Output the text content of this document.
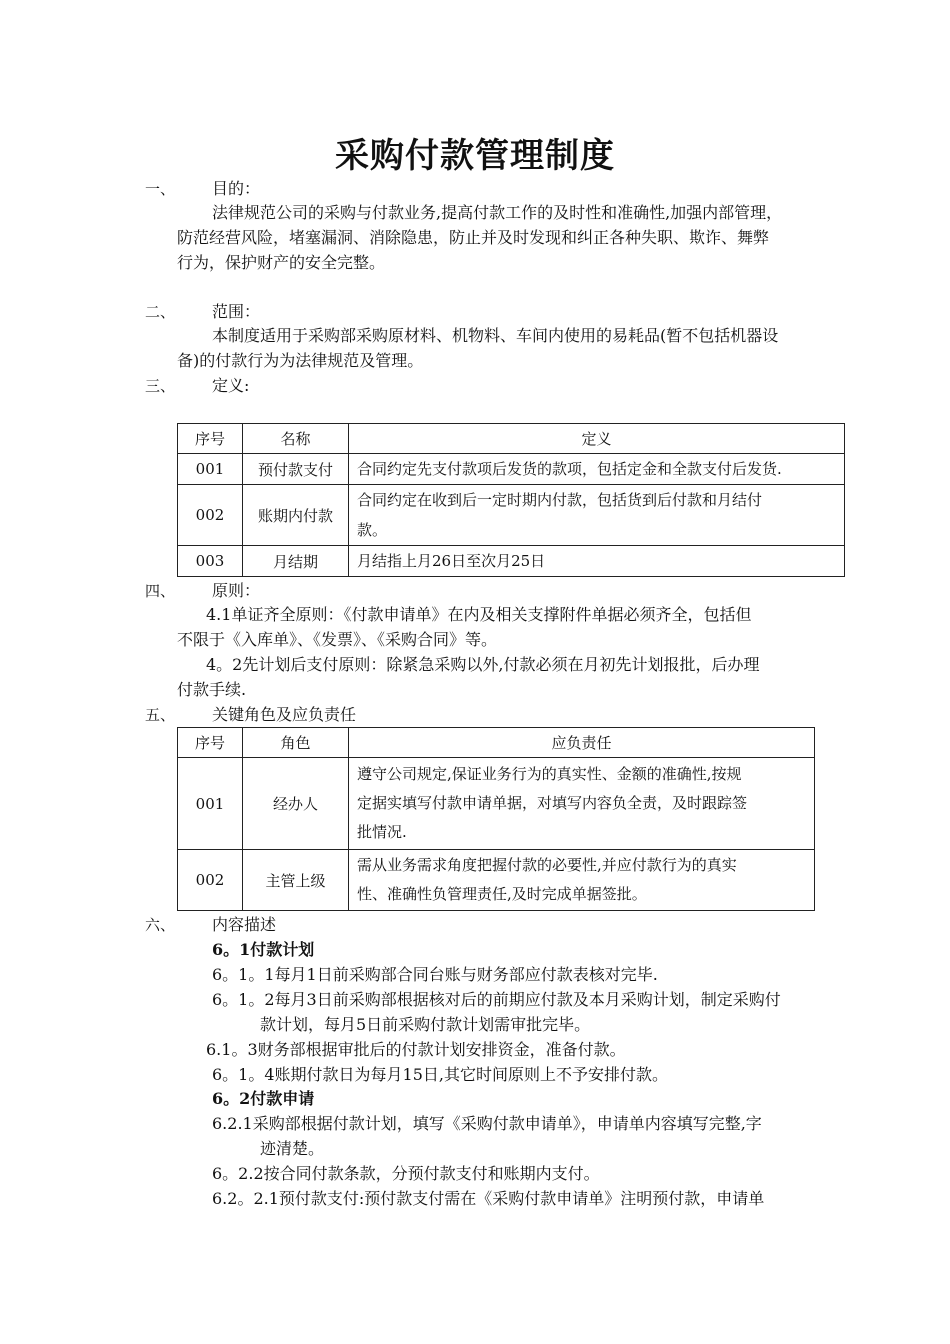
采购付款管理制度
一、 目的：
法律规范公司的采购与付款业务,提高付款工作的及时性和准确性,加强内部管理，
防范经营风险，堵塞漏洞、消除隐患，防止并及时发现和纠正各种失职、欺诈、舞弊
行为，保护财产的安全完整。
二、 范围：
本制度适用于采购部采购原材料、机物料、车间内使用的易耗品(暂不包括机器设
备)的付款行为为法律规范及管理。
三、 定义:
序号	名称	定义
001	预付款支付	合同约定先支付款项后发货的款项，包括定金和全款支付后发货.
002	账期内付款	合同约定在收到后一定时期内付款，包括货到后付款和月结付
款。

003	月结期	月结指上月26日至次月25日
四、 原则：
4.1单证齐全原则：《付款申请单》在内及相关支撑附件单据必须齐全，包括但
不限于《入库单》、《发票》、《采购合同》等。
4。2先计划后支付原则：除紧急采购以外,付款必须在月初先计划报批，后办理
付款手续.
五、 关键角色及应负责任
序号	角色	应负责任
001	经办人	遵守公司规定,保证业务行为的真实性、金额的准确性,按规
定据实填写付款申请单据，对填写内容负全责，及时跟踪签
批情况.

002	主管上级	需从业务需求角度把握付款的必要性,并应付款行为的真实
性、准确性负管理责任,及时完成单据签批。
六、 内容描述
6。1付款计划
6。1。1每月1日前采购部合同台账与财务部应付款表核对完毕.
6。1。2每月3日前采购部根据核对后的前期应付款及本月采购计划，制定采购付
款计划，每月5日前采购付款计划需审批完毕。
6.1。3财务部根据审批后的付款计划安排资金，准备付款。
6。1。4账期付款日为每月15日,其它时间原则上不予安排付款。
6。2付款申请
6.2.1采购部根据付款计划，填写《采购付款申请单》，申请单内容填写完整,字
迹清楚。
6。2.2按合同付款条款，分预付款支付和账期内支付。
6.2。2.1预付款支付:预付款支付需在《采购付款申请单》注明预付款，申请单
